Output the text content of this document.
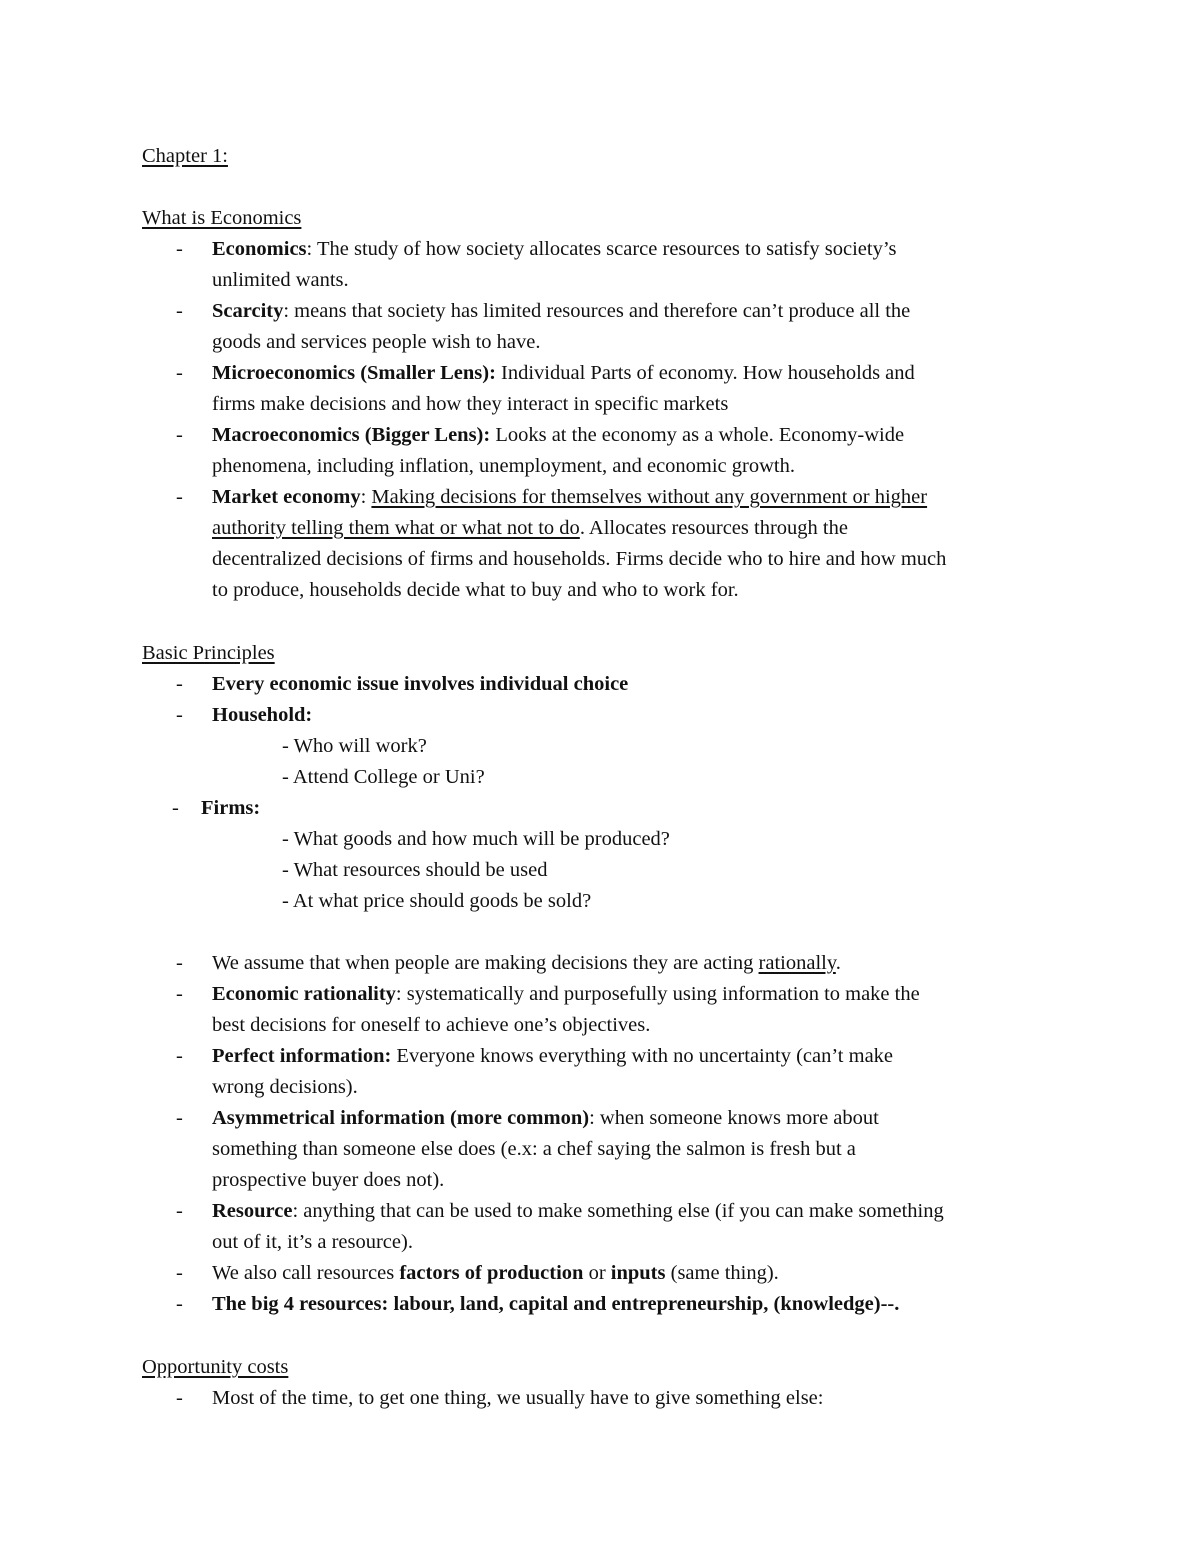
Chapter 1:
What is Economics
- Economics: The study of how society allocates scarce resources to satisfy society’s
unlimited wants.
- Scarcity: means that society has limited resources and therefore can’t produce all the
goods and services people wish to have.
- Microeconomics (Smaller Lens): Individual Parts of economy. How households and
firms make decisions and how they interact in specific markets
- Macroeconomics (Bigger Lens): Looks at the economy as a whole. Economy-wide
phenomena, including inflation, unemployment, and economic growth.
- Market economy: Making decisions for themselves without any government or higher
authority telling them what or what not to do. Allocates resources through the
decentralized decisions of firms and households. Firms decide who to hire and how much
to produce, households decide what to buy and who to work for.
Basic Principles
- Every economic issue involves individual choice
- Household:
- Who will work?
- Attend College or Uni?
- Firms:
- What goods and how much will be produced?
- What resources should be used
- At what price should goods be sold?
- We assume that when people are making decisions they are acting rationally.
- Economic rationality: systematically and purposefully using information to make the
best decisions for oneself to achieve one’s objectives.
- Perfect information: Everyone knows everything with no uncertainty (can’t make
wrong decisions).
- Asymmetrical information (more common): when someone knows more about
something than someone else does (e.x: a chef saying the salmon is fresh but a
prospective buyer does not).
- Resource: anything that can be used to make something else (if you can make something
out of it, it’s a resource).
- We also call resources factors of production or inputs (same thing).
- The big 4 resources: labour, land, capital and entrepreneurship, (knowledge)--.
Opportunity costs
- Most of the time, to get one thing, we usually have to give something else:
